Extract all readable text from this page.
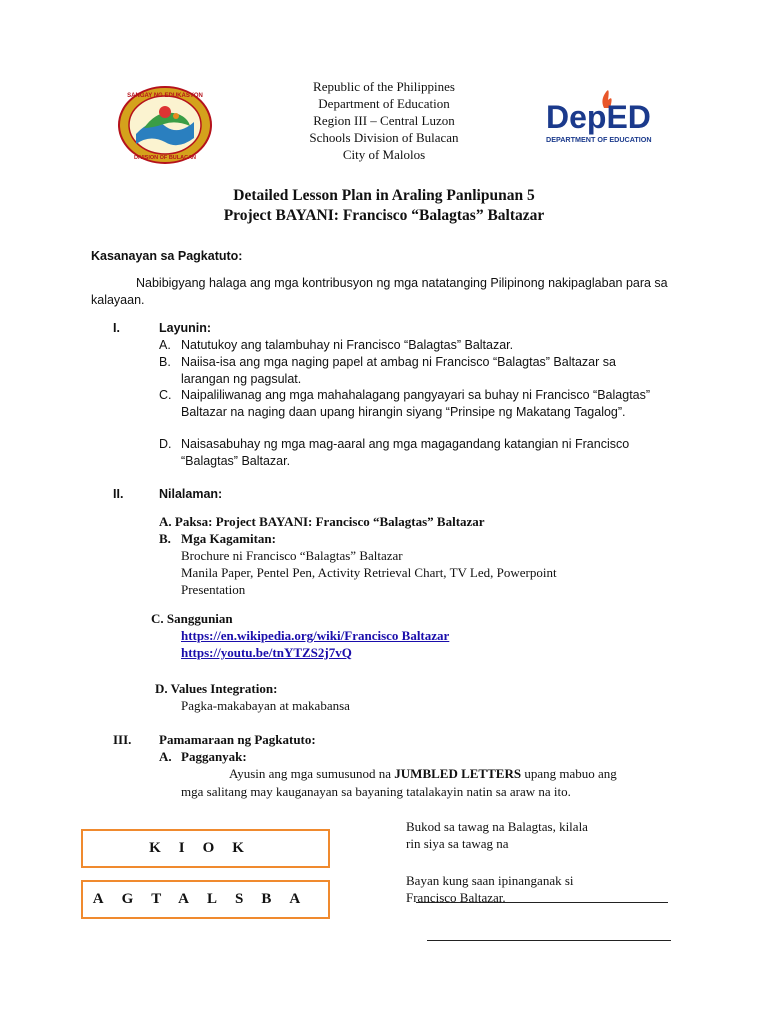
SANGAY NG EDUKASYON
DIVISION OF BULACAN
DepED
DEPARTMENT OF EDUCATION
Republic of the Philippines
Department of Education
Region III – Central Luzon
Schools Division of Bulacan
City of Malolos
Detailed Lesson Plan in Araling Panlipunan 5
Project BAYANI: Francisco “Balagtas” Baltazar
Kasanayan sa Pagkatuto:
Nabibigyang halaga ang mga kontribusyon ng mga natatanging Pilipinong nakipaglaban para sa kalayaan.
I.	Layunin:
A. Natutukoy ang talambuhay ni Francisco “Balagtas” Baltazar.
B. Naiisa-isa ang mga naging papel at ambag ni Francisco “Balagtas” Baltazar sa larangan ng pagsulat.
C. Naipaliliwanag ang mga mahahalagang pangyayari sa buhay ni Francisco “Balagtas” Baltazar na naging daan upang hirangin siyang “Prinsipe ng Makatang Tagalog”.
D. Naisasabuhay ng mga mag-aaral ang mga magagandang katangian ni Francisco “Balagtas” Baltazar.
II.	Nilalaman:
A. Paksa: Project BAYANI: Francisco “Balagtas” Baltazar
B. Mga Kagamitan:
Brochure ni Francisco “Balagtas” Baltazar
Manila Paper, Pentel Pen, Activity Retrieval Chart, TV Led, Powerpoint
Presentation
C. Sanggunian
https://en.wikipedia.org/wiki/Francisco Baltazar
https://youtu.be/tnYTZS2j7vQ
D. Values Integration:
Pagka-makabayan at makabansa
III. Pamamaraan ng Pagkatuto:
A. Pagganyak:
Ayusin ang mga sumusunod na JUMBLED LETTERS upang mabuo ang
mga salitang may kauganayan sa bayaning tatalakayin natin sa araw na ito.
KIOK
AGTALSBA
Bukod sa tawag na Balagtas, kilala
rin siya sa tawag na
Bayan kung saan ipinanganak si
Francisco Baltazar.
